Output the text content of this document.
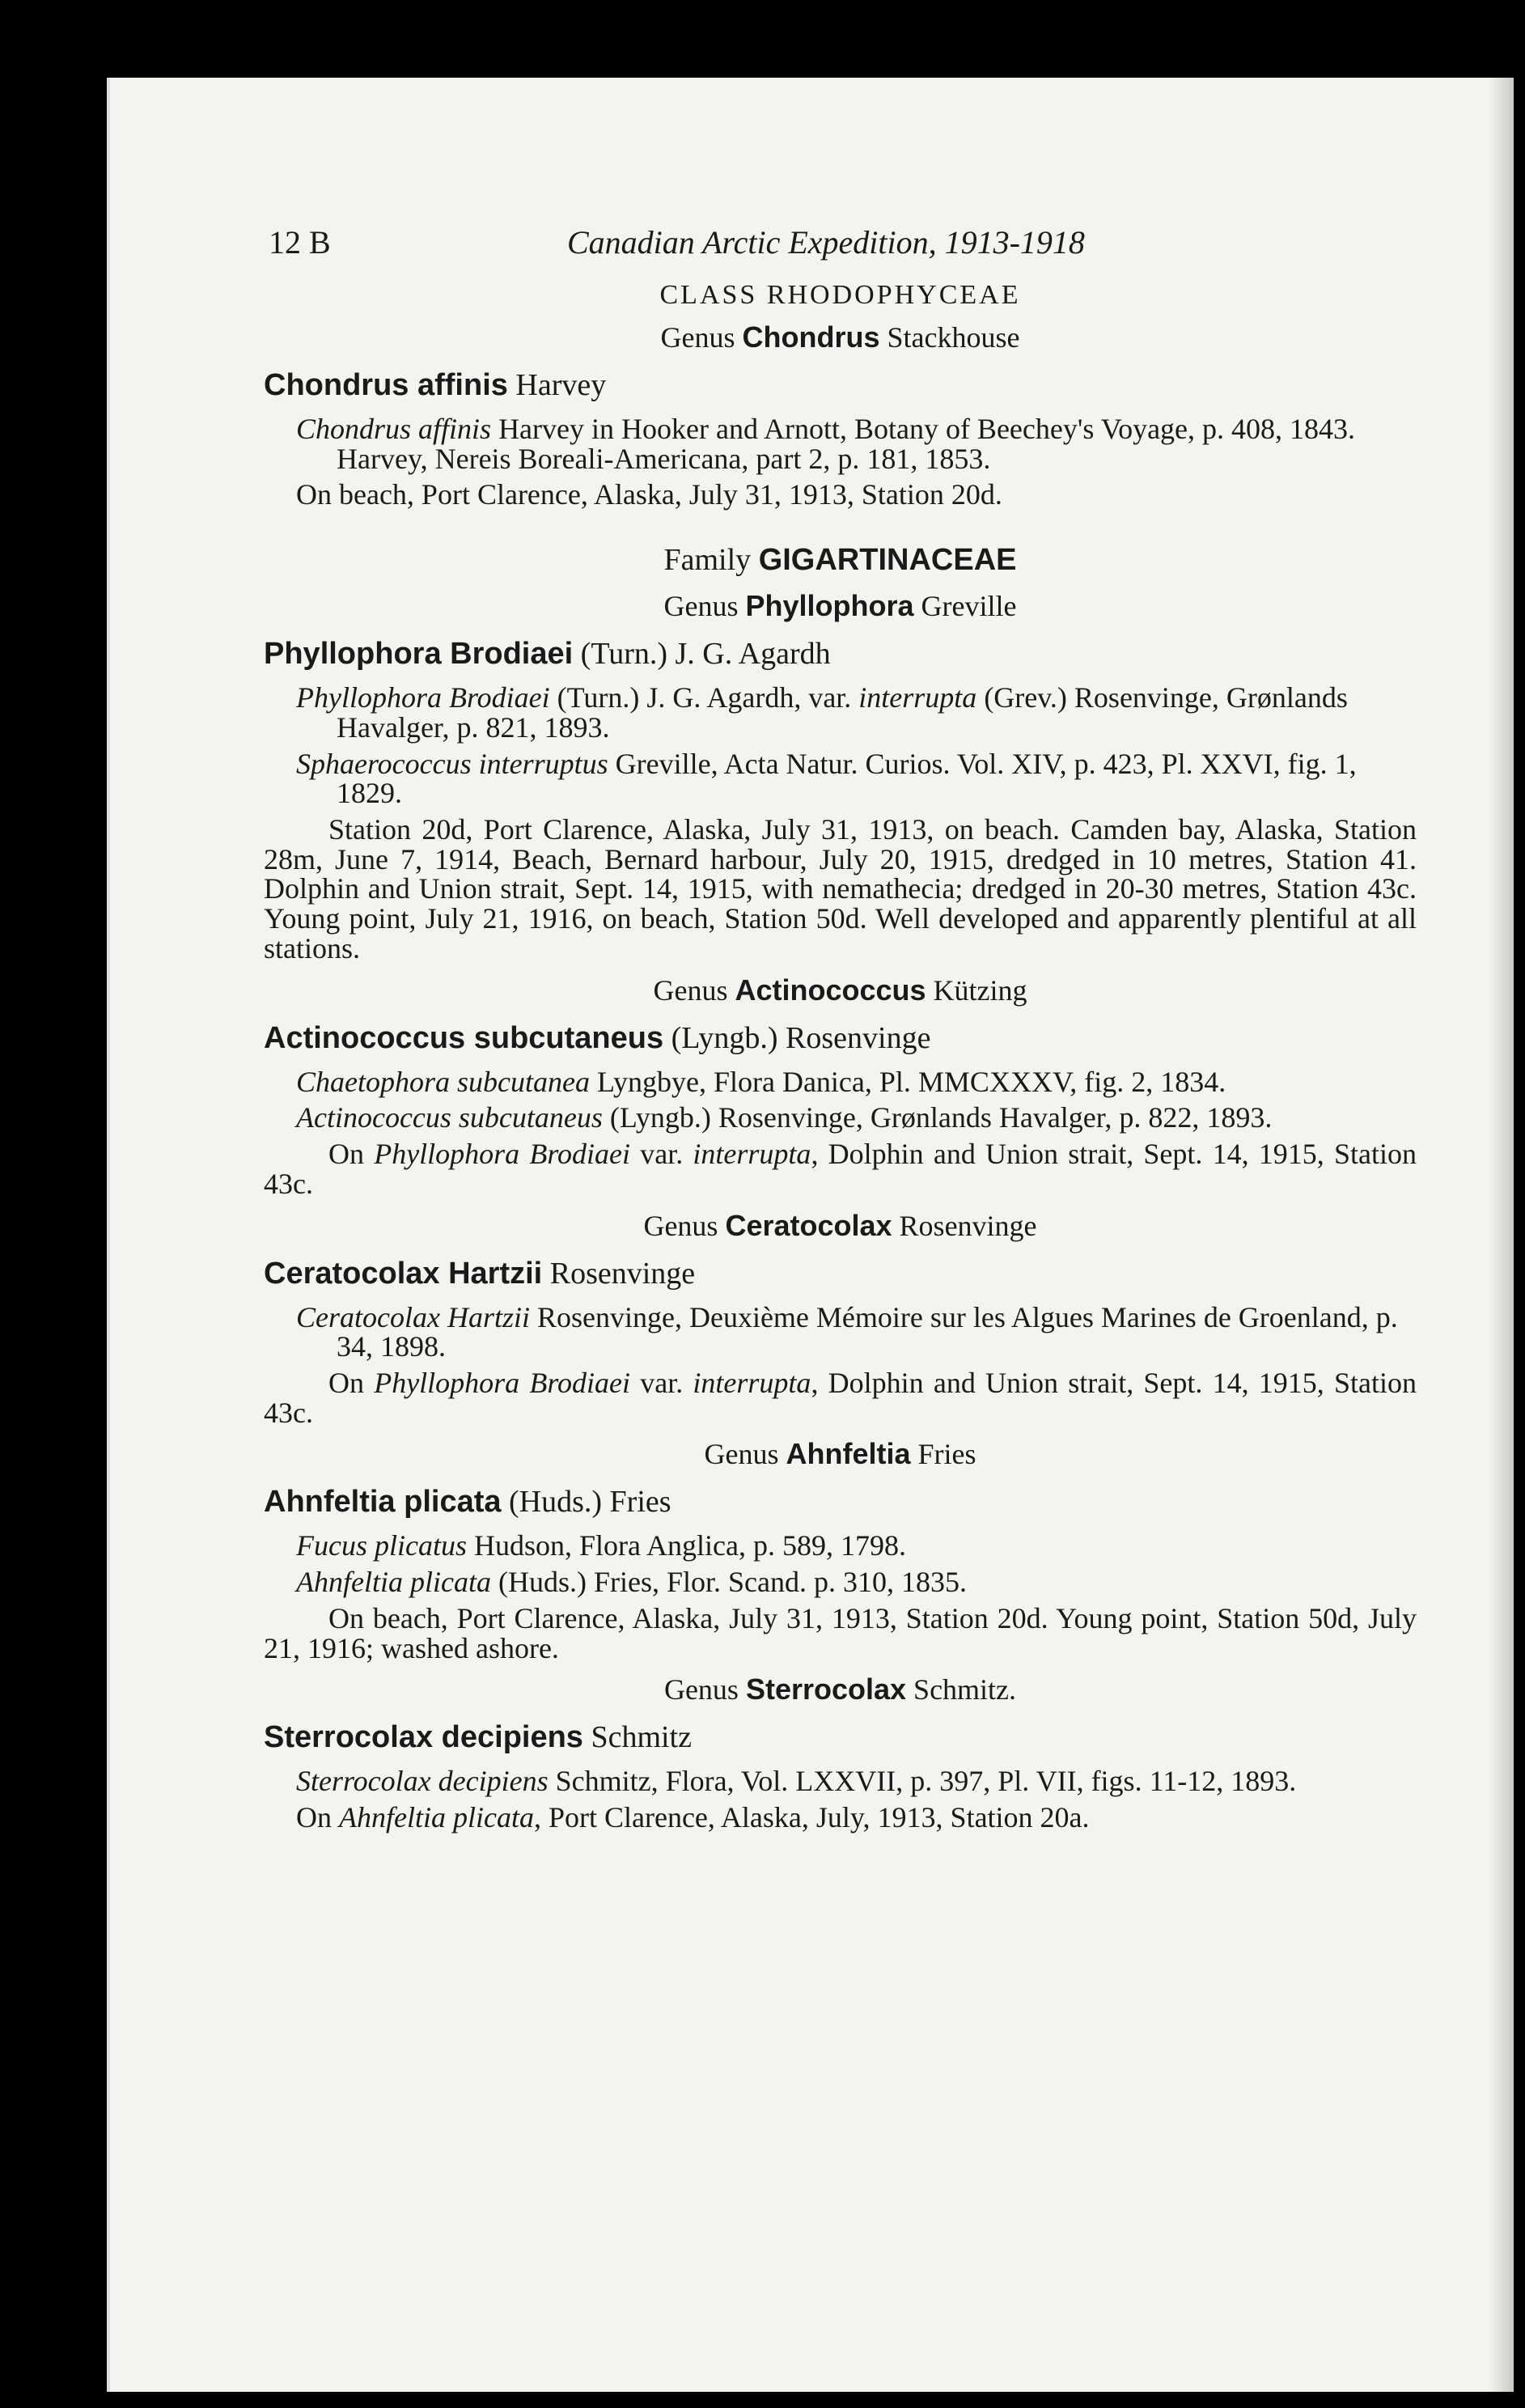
12 B	Canadian Arctic Expedition, 1913-1918
CLASS RHODOPHYCEAE
Genus Chondrus Stackhouse
Chondrus affinis Harvey
Chondrus affinis Harvey in Hooker and Arnott, Botany of Beechey's Voyage, p. 408, 1843. Harvey, Nereis Boreali-Americana, part 2, p. 181, 1853.
On beach, Port Clarence, Alaska, July 31, 1913, Station 20d.
Family GIGARTINACEAE
Genus Phyllophora Greville
Phyllophora Brodiaei (Turn.) J. G. Agardh
Phyllophora Brodiaei (Turn.) J. G. Agardh, var. interrupta (Grev.) Rosenvinge, Grønlands Havalger, p. 821, 1893.
Sphaerococcus interruptus Greville, Acta Natur. Curios. Vol. XIV, p. 423, Pl. XXVI, fig. 1, 1829.
Station 20d, Port Clarence, Alaska, July 31, 1913, on beach. Camden bay, Alaska, Station 28m, June 7, 1914, Beach, Bernard harbour, July 20, 1915, dredged in 10 metres, Station 41. Dolphin and Union strait, Sept. 14, 1915, with nemathecia; dredged in 20-30 metres, Station 43c. Young point, July 21, 1916, on beach, Station 50d. Well developed and apparently plentiful at all stations.
Genus Actinococcus Kützing
Actinococcus subcutaneus (Lyngb.) Rosenvinge
Chaetophora subcutanea Lyngbye, Flora Danica, Pl. MMCXXXV, fig. 2, 1834.
Actinococcus subcutaneus (Lyngb.) Rosenvinge, Grønlands Havalger, p. 822, 1893.
On Phyllophora Brodiaei var. interrupta, Dolphin and Union strait, Sept. 14, 1915, Station 43c.
Genus Ceratocolax Rosenvinge
Ceratocolax Hartzii Rosenvinge
Ceratocolax Hartzii Rosenvinge, Deuxième Mémoire sur les Algues Marines de Groenland, p. 34, 1898.
On Phyllophora Brodiaei var. interrupta, Dolphin and Union strait, Sept. 14, 1915, Station 43c.
Genus Ahnfeltia Fries
Ahnfeltia plicata (Huds.) Fries
Fucus plicatus Hudson, Flora Anglica, p. 589, 1798.
Ahnfeltia plicata (Huds.) Fries, Flor. Scand. p. 310, 1835.
On beach, Port Clarence, Alaska, July 31, 1913, Station 20d. Young point, Station 50d, July 21, 1916; washed ashore.
Genus Sterrocolax Schmitz.
Sterrocolax decipiens Schmitz
Sterrocolax decipiens Schmitz, Flora, Vol. LXXVII, p. 397, Pl. VII, figs. 11-12, 1893.
On Ahnfeltia plicata, Port Clarence, Alaska, July, 1913, Station 20a.
